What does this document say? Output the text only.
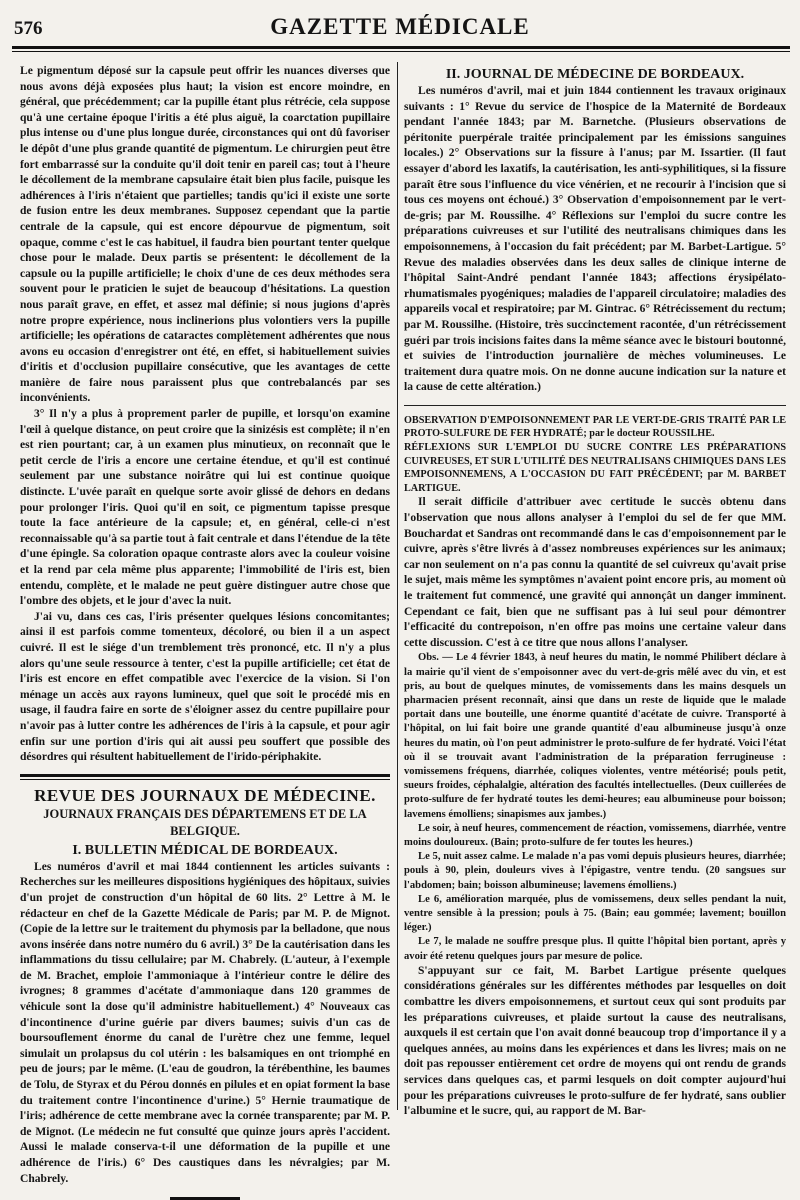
576	GAZETTE MÉDICALE

Le pigmentum déposé sur la capsule peut offrir les nuances diverses que nous avons déjà exposées plus haut; la vision est encore moindre, en général, que précédemment; car la pupille étant plus rétrécie, cela suppose qu'à une certaine époque l'iritis a été plus aiguë, la coarctation pupillaire plus intense ou d'une plus longue durée, circonstances qui ont dû favoriser le dépôt d'une plus grande quantité de pigmentum. Le chirurgien peut être fort embarrassé sur la conduite qu'il doit tenir en pareil cas; tout à l'heure le décollement de la membrane capsulaire était bien plus facile, puisque les adhérences à l'iris n'étaient que partielles; tandis qu'ici il existe une sorte de fusion entre les deux membranes. Supposez cependant que la partie centrale de la capsule, qui est encore dépourvue de pigmentum, soit opaque, comme c'est le cas habituel, il faudra bien pourtant tenter quelque chose pour le malade. Deux partis se présentent: le décollement de la capsule ou la pupille artificielle; le choix d'une de ces deux méthodes sera souvent pour le praticien le sujet de beaucoup d'hésitations. La question nous paraît grave, en effet, et assez mal définie; si nous jugions d'après notre propre expérience, nous inclinerions plus volontiers vers la pupille artificielle; les opérations de cataractes complètement adhérentes que nous avons eu occasion d'enregistrer ont été, en effet, si habituellement suivies d'iritis et d'occlusion pupillaire consécutive, que les avantages de cette manière de faire nous paraissent plus que contrebalancés par ses inconvénients.

3° Il n'y a plus à proprement parler de pupille, et lorsqu'on examine l'œil à quelque distance, on peut croire que la sinizésis est complète; il n'en est rien pourtant; car, à un examen plus minutieux, on reconnaît que le petit cercle de l'iris a encore une certaine étendue, et qu'il est continué seulement par une substance noirâtre qui lui est continue quoique distincte. L'uvée paraît en quelque sorte avoir glissé de dehors en dedans pour prolonger l'iris. Quoi qu'il en soit, ce pigmentum tapisse presque toute la face antérieure de la capsule; et, en général, celle-ci n'est reconnaissable qu'à sa partie tout à fait centrale et dans l'étendue de la tête d'une épingle. Sa coloration opaque contraste alors avec la couleur voisine et la rend par cela même plus apparente; l'immobilité de l'iris est, bien entendu, complète, et le malade ne peut guère distinguer autre chose que l'ombre des objets, et le jour d'avec la nuit.

J'ai vu, dans ces cas, l'iris présenter quelques lésions concomitantes; ainsi il est parfois comme tomenteux, décoloré, ou bien il a un aspect cuivré. Il est le siége d'un tremblement très prononcé, etc. Il n'y a plus alors qu'une seule ressource à tenter, c'est la pupille artificielle; cet état de l'iris est encore en effet compatible avec l'exercice de la vision. Si l'on ménage un accès aux rayons lumineux, quel que soit le procédé mis en usage, il faudra faire en sorte de s'éloigner assez du centre pupillaire pour n'avoir pas à lutter contre les adhérences de l'iris à la capsule, et pour agir enfin sur une portion d'iris qui ait aussi peu souffert que possible des désordres qui résultent habituellement de l'irido-périphakite.

REVUE DES JOURNAUX DE MÉDECINE.
JOURNAUX FRANÇAIS DES DÉPARTEMENS ET DE LA BELGIQUE.
I. BULLETIN MÉDICAL DE BORDEAUX.

Les numéros d'avril et mai 1844 contiennent les articles suivants : Recherches sur les meilleures dispositions hygiéniques des hôpitaux, suivies d'un projet de construction d'un hôpital de 60 lits. 2° Lettre à M. le rédacteur en chef de la Gazette Médicale de Paris; par M. P. de Mignot. (Copie de la lettre sur le traitement du phymosis par la belladone, que nous avons insérée dans notre numéro du 6 avril.) 3° De la cautérisation dans les inflammations du tissu cellulaire; par M. Chabrely. (L'auteur, à l'exemple de M. Brachet, emploie l'ammoniaque à l'intérieur contre le délire des ivrognes; 8 grammes d'acétate d'ammoniaque dans 120 grammes de véhicule sont la dose qu'il administre habituellement.) 4° Nouveaux cas d'incontinence d'urine guérie par divers baumes; suivis d'un cas de boursouflement énorme du canal de l'urètre chez une femme, lequel simulait un prolapsus du col utérin : les balsamiques en ont triomphé en peu de jours; par le même. (L'eau de goudron, la térébenthine, les baumes de Tolu, de Styrax et du Pérou donnés en pilules et en opiat forment la base du traitement contre l'incontinence d'urine.) 5° Hernie traumatique de l'iris; adhérence de cette membrane avec la cornée transparente; par M. P. de Mignot. (Le médecin ne fut consulté que quinze jours après l'accident. Aussi le malade conserva-t-il une déformation de la pupille et une adhérence de l'iris.) 6° Des caustiques dans les névralgies; par M. Chabrely.

II. JOURNAL DE MÉDECINE DE BORDEAUX.

Les numéros d'avril, mai et juin 1844 contiennent les travaux originaux suivants : 1° Revue du service de l'hospice de la Maternité de Bordeaux pendant l'année 1843; par M. Barnetche. (Plusieurs observations de péritonite puerpérale traitée principalement par les émissions sanguines locales.) 2° Observations sur la fissure à l'anus; par M. Issartier. (Il faut essayer d'abord les laxatifs, la cautérisation, les anti-syphilitiques, si la fissure paraît être sous l'influence du vice vénérien, et ne recourir à l'incision que si tous ces moyens ont échoué.) 3° Observation d'empoisonnement par le vert-de-gris; par M. Roussilhe. 4° Réflexions sur l'emploi du sucre contre les préparations cuivreuses et sur l'utilité des neutralisans chimiques dans les empoisonnemens, à l'occasion du fait précédent; par M. Barbet-Lartigue. 5° Revue des maladies observées dans les deux salles de clinique interne de l'hôpital Saint-André pendant l'année 1843; affections érysipélato-rhumatismales pyogéniques; maladies de l'appareil circulatoire; maladies des appareils vocal et respiratoire; par M. Gintrac. 6° Rétrécissement du rectum; par M. Roussilhe. (Histoire, très succinctement racontée, d'un rétrécissement guéri par trois incisions faites dans la même séance avec le bistouri boutonné, et suivies de l'introduction journalière de mèches volumineuses. Le traitement dura quatre mois. On ne donne aucune indication sur la nature et la cause de cette altération.)

OBSERVATION D'EMPOISONNEMENT PAR LE VERT-DE-GRIS TRAITÉ PAR LE PROTO-SULFURE DE FER HYDRATÉ; par le docteur ROUSSILHE.

RÉFLEXIONS SUR L'EMPLOI DU SUCRE CONTRE LES PRÉPARATIONS CUIVREUSES, ET SUR L'UTILITÉ DES NEUTRALISANS CHIMIQUES DANS LES EMPOISONNEMENS, A L'OCCASION DU FAIT PRÉCÉDENT; par M. BARBET LARTIGUE.

Il serait difficile d'attribuer avec certitude le succès obtenu dans l'observation que nous allons analyser à l'emploi du sel de fer que MM. Bouchardat et Sandras ont recommandé dans le cas d'empoisonnement par le cuivre, après s'être livrés à d'assez nombreuses expériences sur les animaux; car non seulement on n'a pas connu la quantité de sel cuivreux qu'avait prise le sujet, mais même les symptômes n'avaient point encore pris, au moment où le traitement fut commencé, une gravité qui annonçât un danger imminent. Cependant ce fait, bien que ne suffisant pas à lui seul pour démontrer l'efficacité du contrepoison, n'en offre pas moins une certaine valeur dans cette discussion. C'est à ce titre que nous allons l'analyser.

Obs. — Le 4 février 1843, à neuf heures du matin, le nommé Philibert déclare à la mairie qu'il vient de s'empoisonner avec du vert-de-gris mêlé avec du vin, et est pris, au bout de quelques minutes, de vomissements dans les mains desquels un pharmacien présent reconnaît, ainsi que dans un reste de liquide que le malade portait dans une bouteille, une énorme quantité d'acétate de cuivre. Transporté à l'hôpital, on lui fait boire une grande quantité d'eau albumineuse jusqu'à onze heures du matin, où l'on peut administrer le proto-sulfure de fer hydraté. Voici l'état où il se trouvait avant l'administration de la préparation ferrugineuse : vomissemens fréquens, diarrhée, coliques violentes, ventre météorisé; pouls petit, sueurs froides, céphalalgie, altération des facultés intellectuelles. (Deux cuillerées de proto-sulfure de fer hydraté toutes les demi-heures; eau albumineuse pour boisson; lavemens émolliens; sinapismes aux jambes.)

Le soir, à neuf heures, commencement de réaction, vomissemens, diarrhée, ventre moins douloureux. (Bain; proto-sulfure de fer toutes les heures.)

Le 5, nuit assez calme. Le malade n'a pas vomi depuis plusieurs heures, diarrhée; pouls à 90, plein, douleurs vives à l'épigastre, ventre tendu. (20 sangsues sur l'abdomen; bain; boisson albumineuse; lavemens émolliens.)

Le 6, amélioration marquée, plus de vomissemens, deux selles pendant la nuit, ventre sensible à la pression; pouls à 75. (Bain; eau gommée; lavement; bouillon léger.)

Le 7, le malade ne souffre presque plus. Il quitte l'hôpital bien portant, après y avoir été retenu quelques jours par mesure de police.

S'appuyant sur ce fait, M. Barbet Lartigue présente quelques considérations générales sur les différentes méthodes par lesquelles on doit combattre les divers empoisonnemens, et surtout ceux qui sont produits par les préparations cuivreuses, et plaide surtout la cause des neutralisans, auxquels il est certain que l'on avait donné beaucoup trop d'importance il y a quelques années, au moins dans les expériences et dans les livres; mais on ne doit pas repousser entièrement cet ordre de moyens qui ont rendu de grands services dans quelques cas, et parmi lesquels on doit compter aujourd'hui pour les préparations cuivreuses le proto-sulfure de fer hydraté, sans oublier l'albumine et le sucre, qui, au rapport de M. Bar-
